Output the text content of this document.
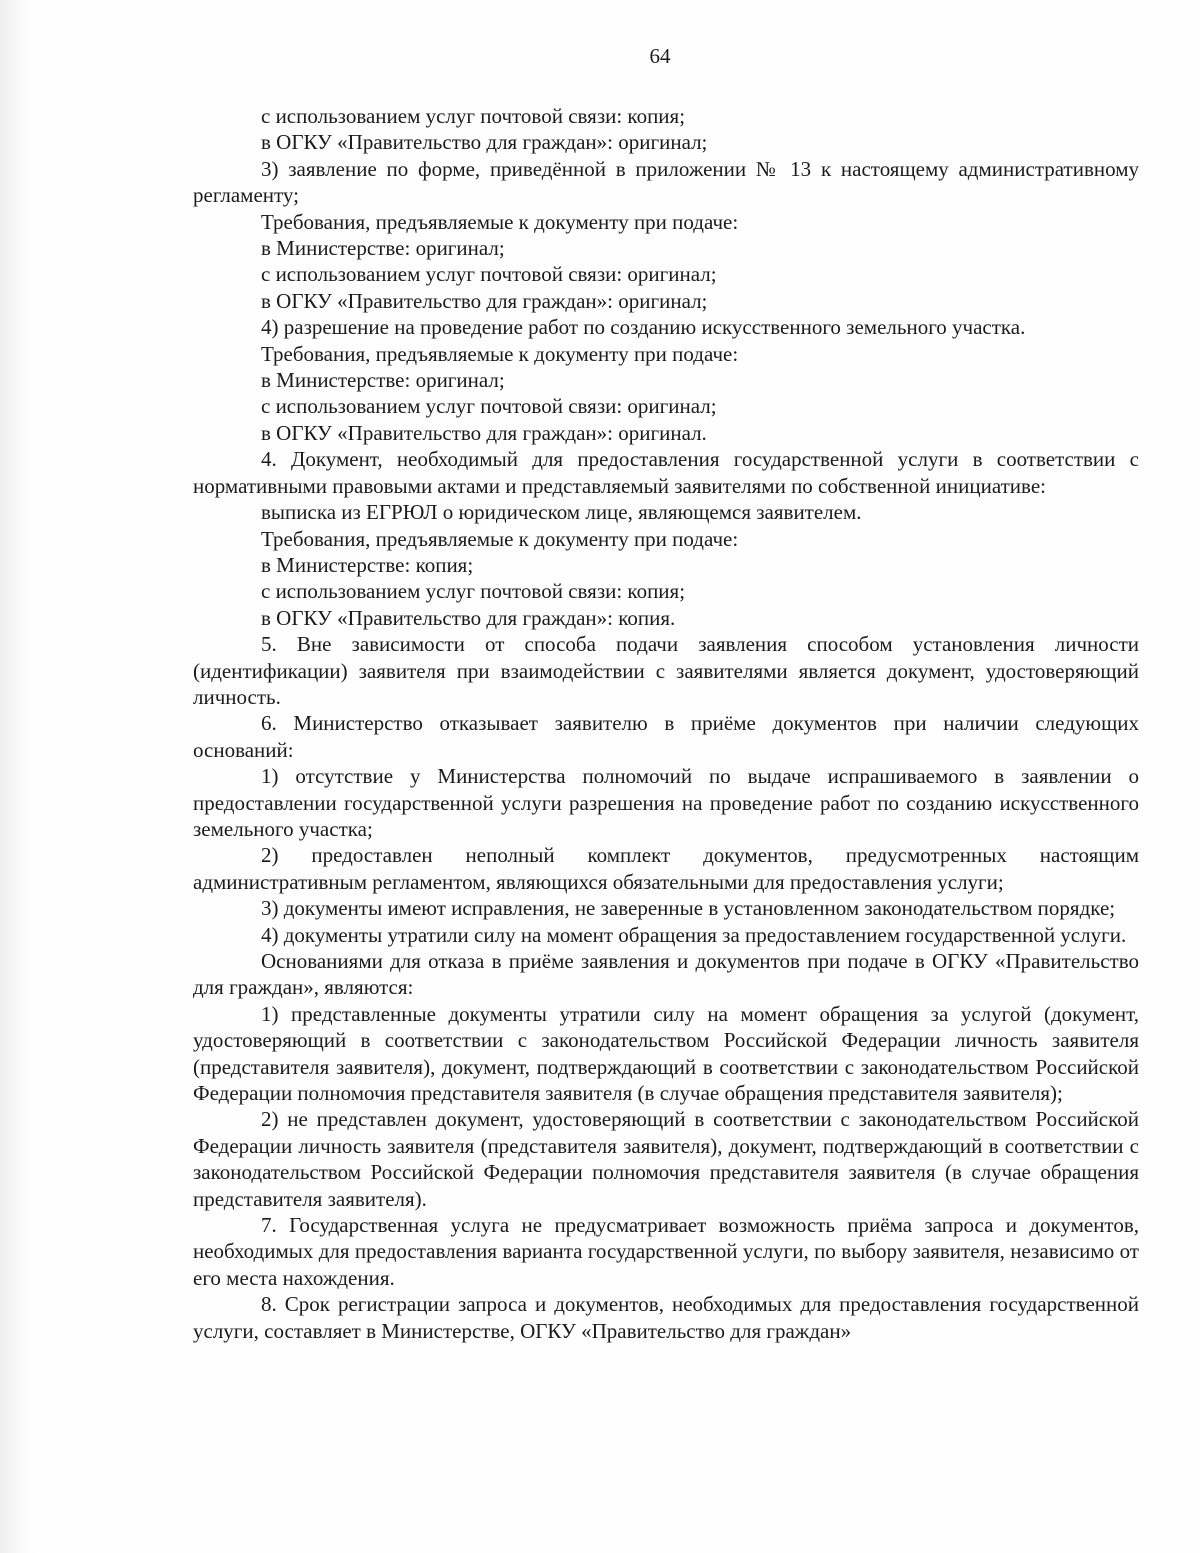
64

с использованием услуг почтовой связи: копия;

в ОГКУ «Правительство для граждан»: оригинал;

3) заявление по форме, приведённой в приложении № 13 к настоящему административному регламенту;

Требования, предъявляемые к документу при подаче:

в Министерстве: оригинал;

с использованием услуг почтовой связи: оригинал;

в ОГКУ «Правительство для граждан»: оригинал;

4) разрешение на проведение работ по созданию искусственного земельного участка.

Требования, предъявляемые к документу при подаче:

в Министерстве: оригинал;

с использованием услуг почтовой связи: оригинал;

в ОГКУ «Правительство для граждан»: оригинал.

4. Документ, необходимый для предоставления государственной услуги в соответствии с нормативными правовыми актами и представляемый заявителями по собственной инициативе:

выписка из ЕГРЮЛ о юридическом лице, являющемся заявителем.

Требования, предъявляемые к документу при подаче:

в Министерстве: копия;

с использованием услуг почтовой связи: копия;

в ОГКУ «Правительство для граждан»: копия.

5. Вне зависимости от способа подачи заявления способом установления личности (идентификации) заявителя при взаимодействии с заявителями является документ, удостоверяющий личность.

6. Министерство отказывает заявителю в приёме документов при наличии следующих оснований:

1) отсутствие у Министерства полномочий по выдаче испрашиваемого в заявлении о предоставлении государственной услуги разрешения на проведение работ по созданию искусственного земельного участка;

2) предоставлен неполный комплект документов, предусмотренных настоящим административным регламентом, являющихся обязательными для предоставления услуги;

3) документы имеют исправления, не заверенные в установленном законодательством порядке;

4) документы утратили силу на момент обращения за предоставлением государственной услуги.

Основаниями для отказа в приёме заявления и документов при подаче в ОГКУ «Правительство для граждан», являются:

1) представленные документы утратили силу на момент обращения за услугой (документ, удостоверяющий в соответствии с законодательством Российской Федерации личность заявителя (представителя заявителя), документ, подтверждающий в соответствии с законодательством Российской Федерации полномочия представителя заявителя (в случае обращения представителя заявителя);

2) не представлен документ, удостоверяющий в соответствии с законодательством Российской Федерации личность заявителя (представителя заявителя), документ, подтверждающий в соответствии с законодательством Российской Федерации полномочия представителя заявителя (в случае обращения представителя заявителя).

7. Государственная услуга не предусматривает возможность приёма запроса и документов, необходимых для предоставления варианта государственной услуги, по выбору заявителя, независимо от его места нахождения.

8. Срок регистрации запроса и документов, необходимых для предоставления государственной услуги, составляет в Министерстве, ОГКУ «Правительство для граждан»
